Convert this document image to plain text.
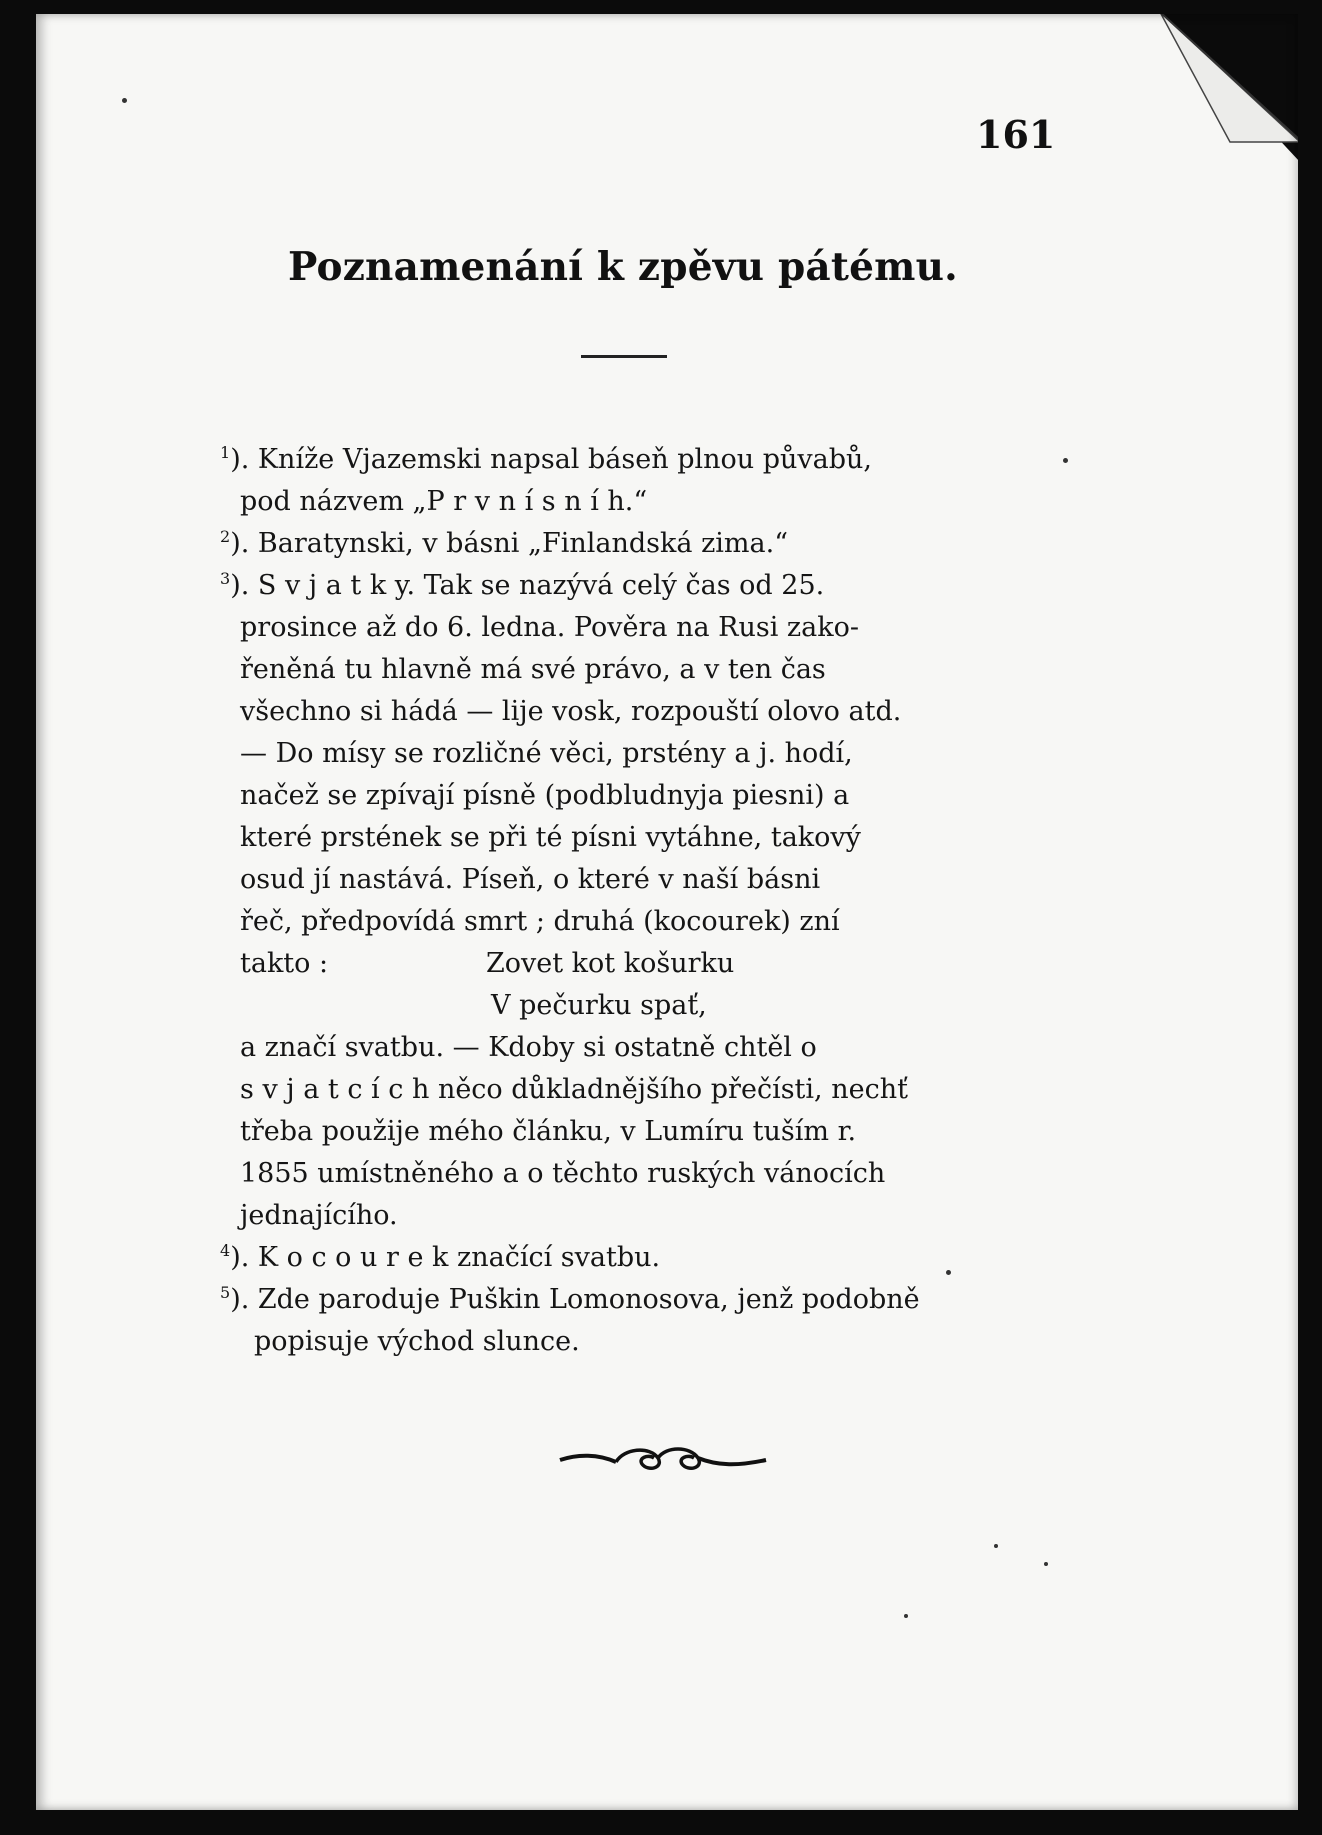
161
Poznamenání k zpěvu pátému.
$^1$). Kníže Vjazemski napsal báseň plnou půvabů,
pod názvem „P r v n í s n í h.“
$^2$). Baratynski, v básni „Finlandská zima.“
$^3$). S v j a t k y. Tak se nazývá celý čas od 25.
prosince až do 6. ledna. Pověra na Rusi zako-
řeněná tu hlavně má své právo, a v ten čas
všechno si hádá — lije vosk, rozpouští olovo atd.
— Do mísy se rozličné věci, prstény a j. hodí,
načež se zpívají písně (podbludnyja piesni) a
které prstének se při té písni vytáhne, takový
osud jí nastává. Píseň, o které v naší básni
řeč, předpovídá smrt ; druhá (kocourek) zní
takto :	Zovet kot košurku
V pečurku spať,
a značí svatbu. — Kdoby si ostatně chtěl o
s v j a t c í c h něco důkladnějšího přečísti, nechť
třeba použije mého článku, v Lumíru tuším r.
1855 umístněného a o těchto ruských vánocích
jednajícího.
$^4$). K o c o u r e k značící svatbu.
$^5$). Zde paroduje Puškin Lomonosova, jenž podobně
popisuje východ slunce.
